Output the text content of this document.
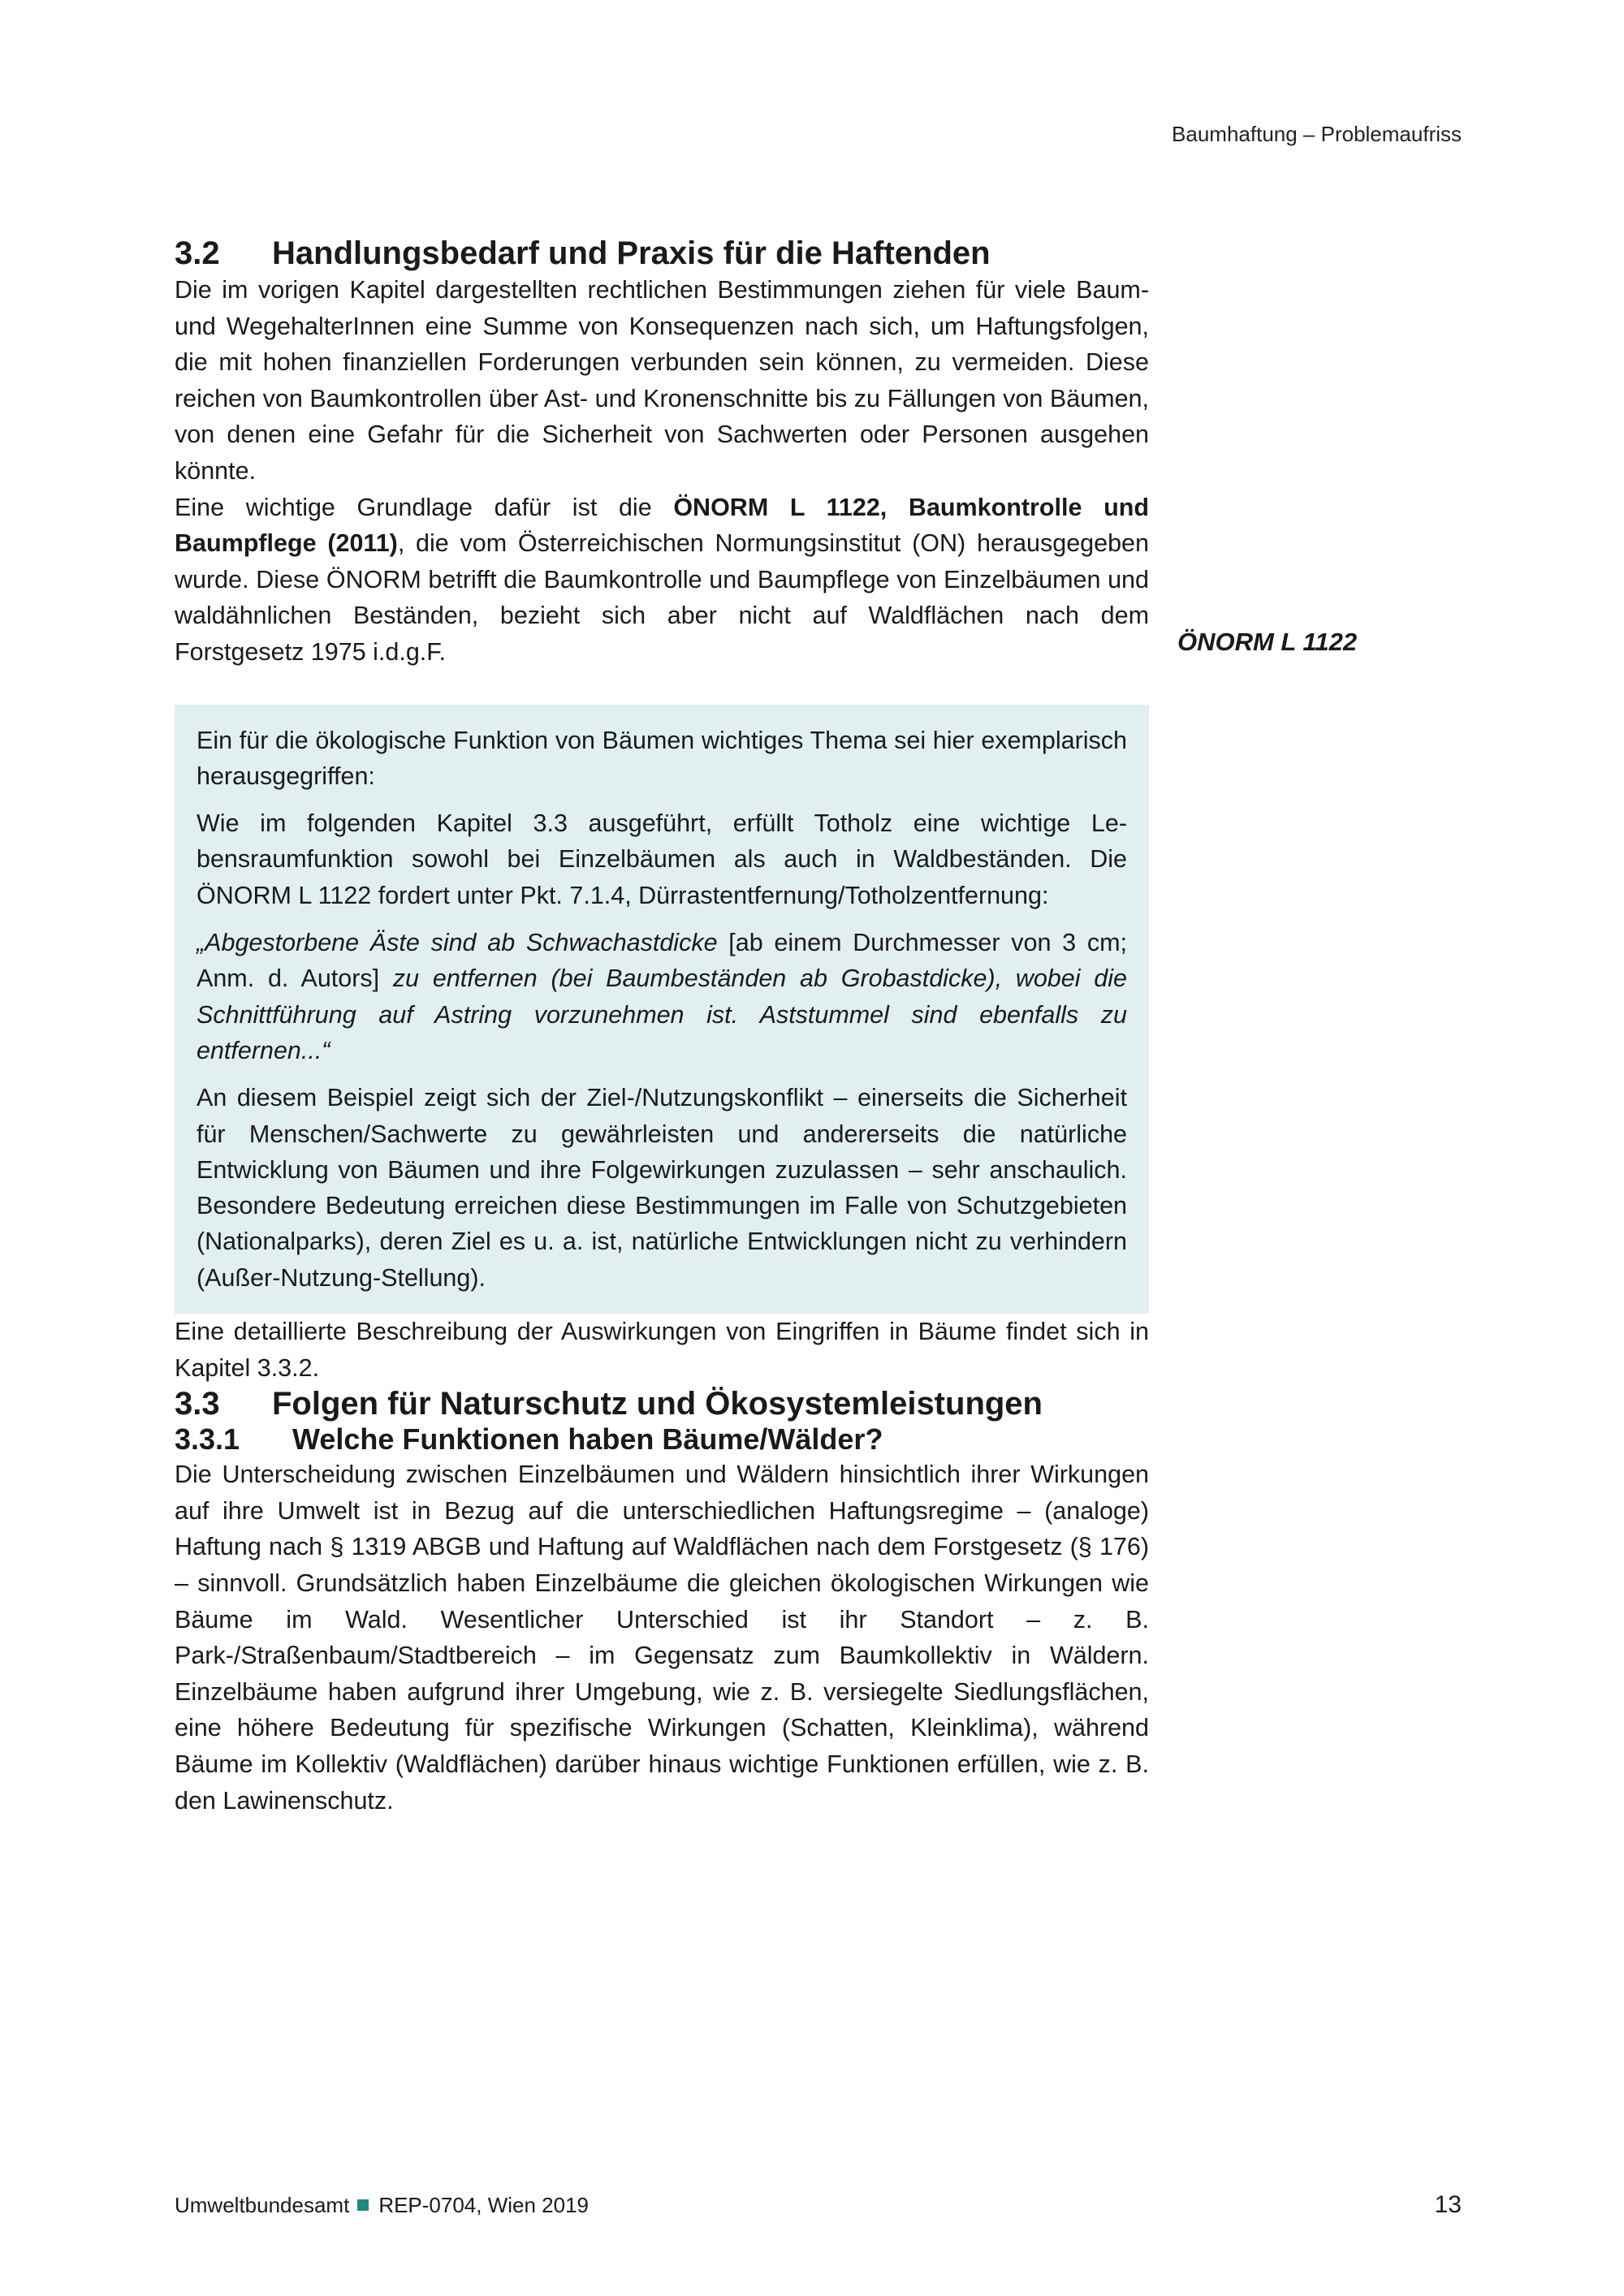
Baumhaftung – Problemaufriss
3.2	Handlungsbedarf und Praxis für die Haftenden

Die im vorigen Kapitel dargestellten rechtlichen Bestimmungen ziehen für viele Baum- und WegehalterInnen eine Summe von Konsequenzen nach sich, um Haftungsfolgen, die mit hohen finanziellen Forderungen verbunden sein können, zu vermeiden. Diese reichen von Baumkontrollen über Ast- und Kronenschnitte bis zu Fällungen von Bäumen, von denen eine Gefahr für die Sicherheit von Sachwerten oder Personen ausgehen könnte.

Eine wichtige Grundlage dafür ist die ÖNORM L 1122, Baumkontrolle und Baumpflege (2011), die vom Österreichischen Normungsinstitut (ON) herausgegeben wurde. Diese ÖNORM betrifft die Baumkontrolle und Baumpflege von Einzelbäumen und waldähnlichen Beständen, bezieht sich aber nicht auf Waldflächen nach dem Forstgesetz 1975 i.d.g.F.

Ein für die ökologische Funktion von Bäumen wichtiges Thema sei hier exemplarisch herausgegriffen:

Wie im folgenden Kapitel 3.3 ausgeführt, erfüllt Totholz eine wichtige Lebensraumfunktion sowohl bei Einzelbäumen als auch in Waldbeständen. Die ÖNORM L 1122 fordert unter Pkt. 7.1.4, Dürrastentfernung/Totholzentfernung:

„Abgestorbene Äste sind ab Schwachastdicke [ab einem Durchmesser von 3 cm; Anm. d. Autors] zu entfernen (bei Baumbeständen ab Grobastdicke), wobei die Schnittführung auf Astring vorzunehmen ist. Aststummel sind ebenfalls zu entfernen...“

An diesem Beispiel zeigt sich der Ziel-/Nutzungskonflikt – einerseits die Sicherheit für Menschen/Sachwerte zu gewährleisten und andererseits die natürliche Entwicklung von Bäumen und ihre Folgewirkungen zuzulassen – sehr anschaulich. Besondere Bedeutung erreichen diese Bestimmungen im Falle von Schutzgebieten (Nationalparks), deren Ziel es u. a. ist, natürliche Entwicklungen nicht zu verhindern (Außer-Nutzung-Stellung).

Eine detaillierte Beschreibung der Auswirkungen von Eingriffen in Bäume findet sich in Kapitel 3.3.2.

3.3	Folgen für Naturschutz und Ökosystemleistungen
3.3.1	Welche Funktionen haben Bäume/Wälder?

Die Unterscheidung zwischen Einzelbäumen und Wäldern hinsichtlich ihrer Wirkungen auf ihre Umwelt ist in Bezug auf die unterschiedlichen Haftungsregime – (analoge) Haftung nach § 1319 ABGB und Haftung auf Waldflächen nach dem Forstgesetz (§ 176) – sinnvoll. Grundsätzlich haben Einzelbäume die gleichen ökologischen Wirkungen wie Bäume im Wald. Wesentlicher Unterschied ist ihr Standort – z. B. Park-/Straßenbaum/Stadtbereich – im Gegensatz zum Baumkollektiv in Wäldern. Einzelbäume haben aufgrund ihrer Umgebung, wie z. B. versiegelte Siedlungsflächen, eine höhere Bedeutung für spezifische Wirkungen (Schatten, Kleinklima), während Bäume im Kollektiv (Waldflächen) darüber hinaus wichtige Funktionen erfüllen, wie z. B. den Lawinenschutz.

ÖNORM L 1122
Umweltbundesamt REP-0704, Wien 2019	13
